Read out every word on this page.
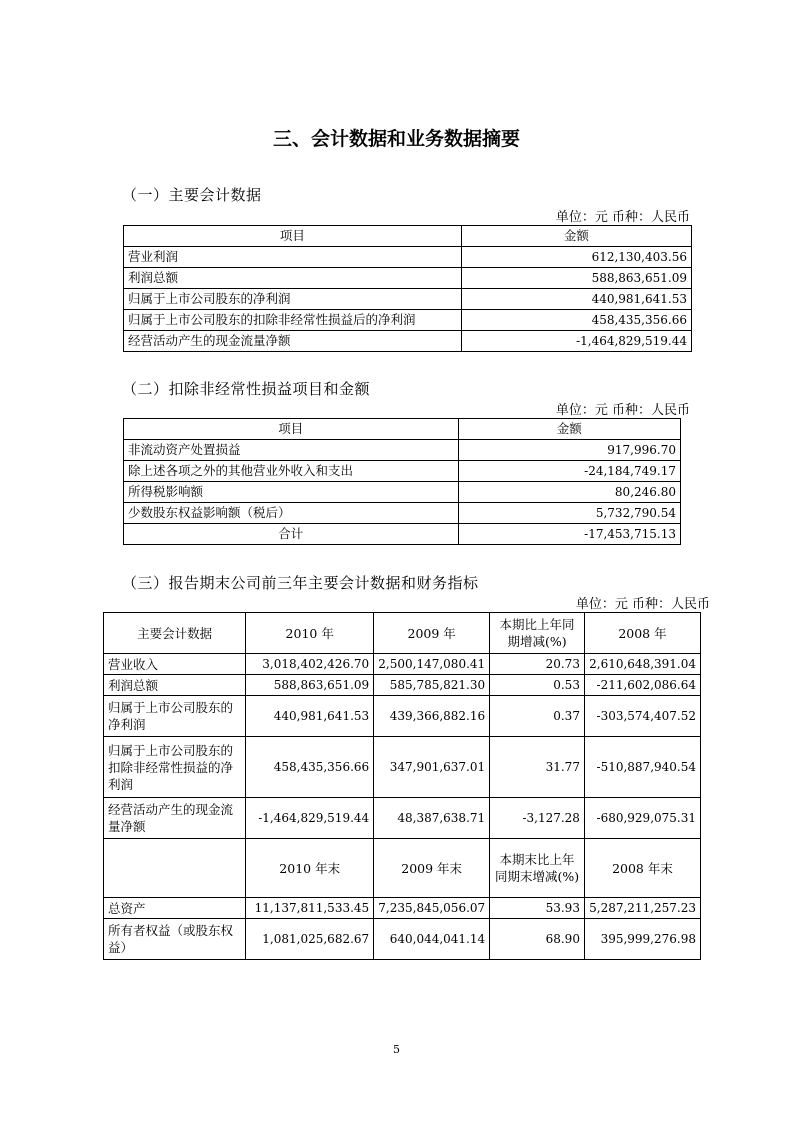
三、会计数据和业务数据摘要
（一）主要会计数据
单位：元 币种：人民币
项目	金额
营业利润	612,130,403.56
利润总额	588,863,651.09
归属于上市公司股东的净利润	440,981,641.53
归属于上市公司股东的扣除非经常性损益后的净利润	458,435,356.66
经营活动产生的现金流量净额	-1,464,829,519.44
（二）扣除非经常性损益项目和金额
单位：元 币种：人民币
项目	金额
非流动资产处置损益	917,996.70
除上述各项之外的其他营业外收入和支出	-24,184,749.17
所得税影响额	80,246.80
少数股东权益影响额（税后）	5,732,790.54
合计	-17,453,715.13
（三）报告期末公司前三年主要会计数据和财务指标
单位：元 币种：人民币
主要会计数据	2010 年	2009 年	本期比上年同期增减(%)	2008 年
营业收入	3,018,402,426.70	2,500,147,080.41	20.73	2,610,648,391.04
利润总额	588,863,651.09	585,785,821.30	0.53	-211,602,086.64
归属于上市公司股东的净利润	440,981,641.53	439,366,882.16	0.37	-303,574,407.52
归属于上市公司股东的扣除非经常性损益的净利润	458,435,356.66	347,901,637.01	31.77	-510,887,940.54
经营活动产生的现金流量净额	-1,464,829,519.44	48,387,638.71	-3,127.28	-680,929,075.31
	2010 年末	2009 年末	本期末比上年同期末增减(%)	2008 年末
总资产	11,137,811,533.45	7,235,845,056.07	53.93	5,287,211,257.23
所有者权益（或股东权益）	1,081,025,682.67	640,044,041.14	68.90	395,999,276.98
5
